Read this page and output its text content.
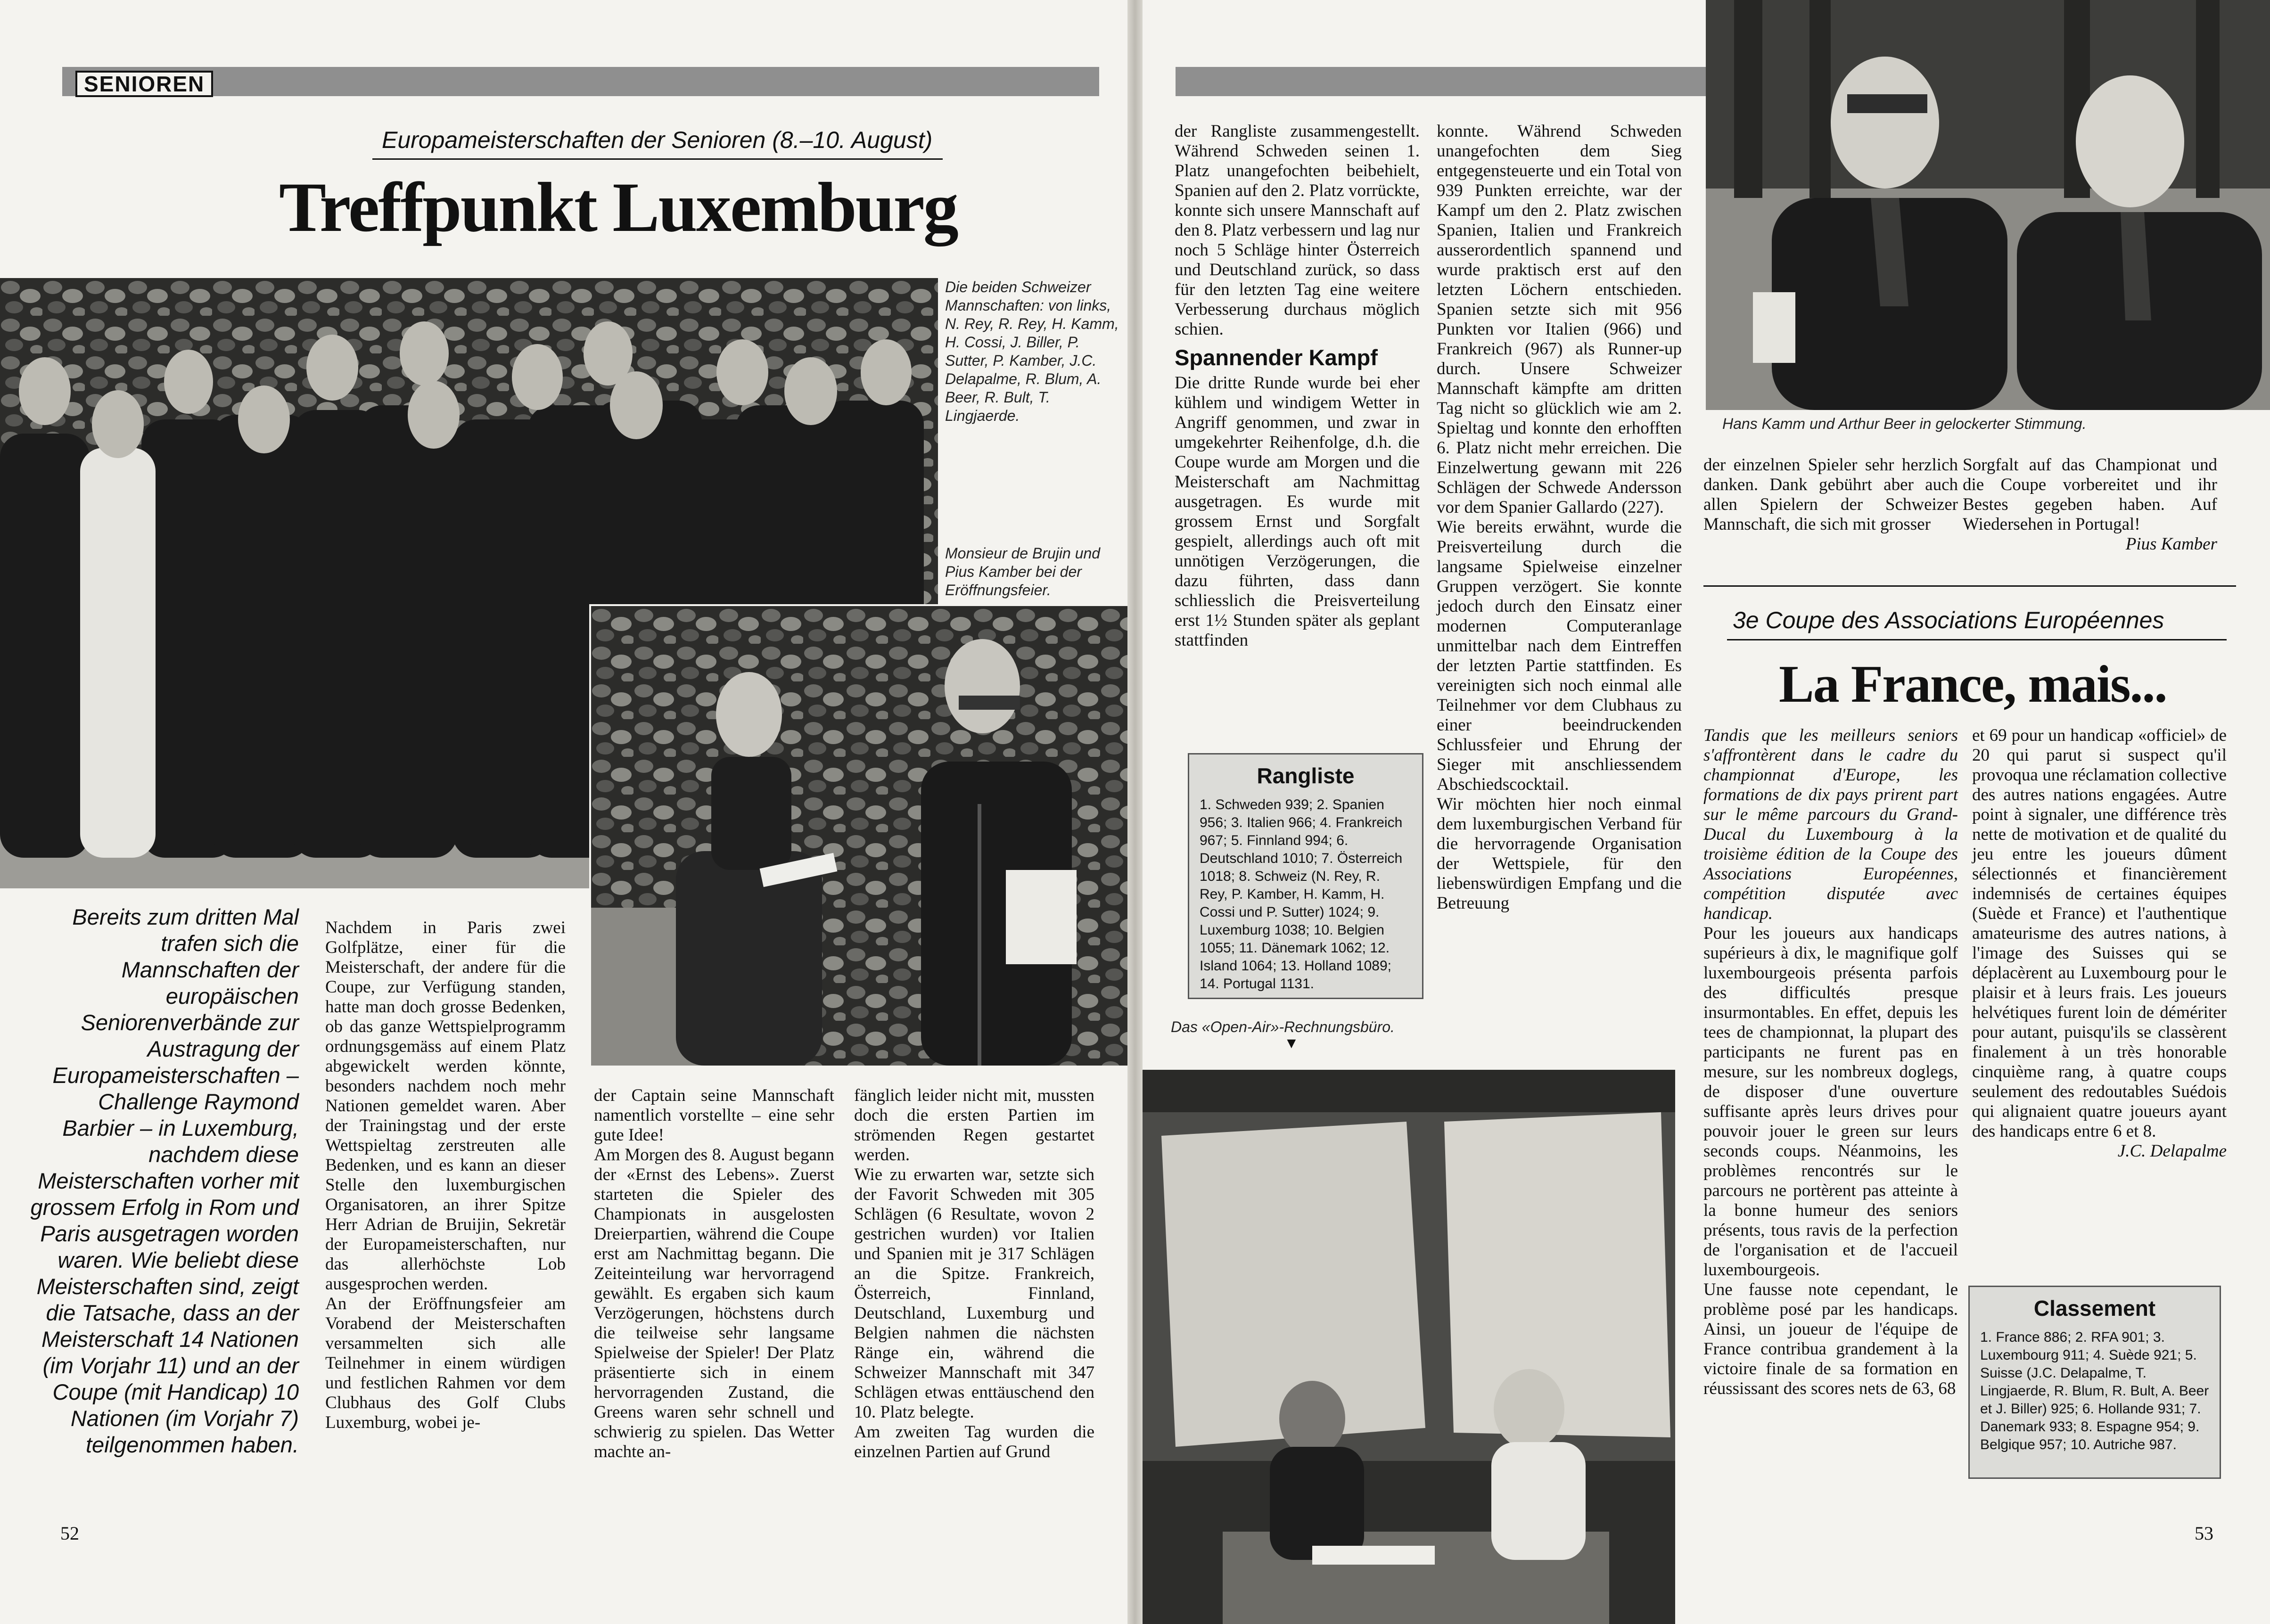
SENIOREN
Europameisterschaften der Senioren (8.–10. August)
Treffpunkt Luxemburg
Die beiden Schweizer Mannschaften: von links, N. Rey, R. Rey, H. Kamm, H. Cossi, J. Biller, P. Sutter, P. Kamber, J.C. Delapalme, R. Blum, A. Beer, R. Bult, T. Lingjaerde.
Monsieur de Brujin und Pius Kamber bei der Eröffnungsfeier.
Bereits zum dritten Mal trafen sich die Mannschaften der europäischen Seniorenverbände zur Austragung der Europameisterschaften – Challenge Raymond Barbier – in Luxemburg, nachdem diese Meisterschaften vorher mit grossem Erfolg in Rom und Paris ausgetragen worden waren. Wie beliebt diese Meisterschaften sind, zeigt die Tatsache, dass an der Meisterschaft 14 Nationen (im Vorjahr 11) und an der Coupe (mit Handicap) 10 Nationen (im Vorjahr 7) teilgenommen haben.

Nachdem in Paris zwei Golfplätze, einer für die Meisterschaft, der andere für die Coupe, zur Verfügung standen, hatte man doch grosse Bedenken, ob das ganze Wettspielprogramm ordnungsgemäss auf einem Platz abgewickelt werden könnte, besonders nachdem noch mehr Nationen gemeldet waren. Aber der Trainingstag und der erste Wettspieltag zerstreuten alle Bedenken, und es kann an dieser Stelle den luxemburgischen Organisatoren, an ihrer Spitze Herr Adrian de Bruijin, Sekretär der Europameisterschaften, nur das allerhöchste Lob ausgesprochen werden.

An der Eröffnungsfeier am Vorabend der Meisterschaften versammelten sich alle Teilnehmer in einem würdigen und festlichen Rahmen vor dem Clubhaus des Golf Clubs Luxemburg, wobei je-

der Captain seine Mannschaft namentlich vorstellte – eine sehr gute Idee!

Am Morgen des 8. August begann der «Ernst des Lebens». Zuerst starteten die Spieler des Championats in ausgelosten Dreierpartien, während die Coupe erst am Nachmittag begann. Die Zeiteinteilung war hervorragend gewählt. Es ergaben sich kaum Verzögerungen, höchstens durch die teilweise sehr langsame Spielweise der Spieler! Der Platz präsentierte sich in einem hervorragenden Zustand, die Greens waren sehr schnell und schwierig zu spielen. Das Wetter machte an-

fänglich leider nicht mit, mussten doch die ersten Partien im strömenden Regen gestartet werden.

Wie zu erwarten war, setzte sich der Favorit Schweden mit 305 Schlägen (6 Resultate, wovon 2 gestrichen wurden) vor Italien und Spanien mit je 317 Schlägen an die Spitze. Frankreich, Österreich, Finnland, Deutschland, Luxemburg und Belgien nahmen die nächsten Ränge ein, während die Schweizer Mannschaft mit 347 Schlägen etwas enttäuschend den 10. Platz belegte.

Am zweiten Tag wurden die einzelnen Partien auf Grund

52

der Rangliste zusammengestellt. Während Schweden seinen 1. Platz unangefochten beibehielt, Spanien auf den 2. Platz vorrückte, konnte sich unsere Mannschaft auf den 8. Platz verbessern und lag nur noch 5 Schläge hinter Österreich und Deutschland zurück, so dass für den letzten Tag eine weitere Verbesserung durchaus möglich schien.

Spannender Kampf

Die dritte Runde wurde bei eher kühlem und windigem Wetter in Angriff genommen, und zwar in umgekehrter Reihenfolge, d.h. die Coupe wurde am Morgen und die Meisterschaft am Nachmittag ausgetragen. Es wurde mit grossem Ernst und Sorgfalt gespielt, allerdings auch oft mit unnötigen Verzögerungen, die dazu führten, dass dann schliesslich die Preisverteilung erst 1½ Stunden später als geplant stattfinden

Rangliste

1. Schweden 939; 2. Spanien 956; 3. Italien 966; 4. Frankreich 967; 5. Finnland 994; 6. Deutschland 1010; 7. Österreich 1018; 8. Schweiz (N. Rey, R. Rey, P. Kamber, H. Kamm, H. Cossi und P. Sutter) 1024; 9. Luxemburg 1038; 10. Belgien 1055; 11. Dänemark 1062; 12. Island 1064; 13. Holland 1089; 14. Portugal 1131.

Das «Open-Air»-Rechnungsbüro.
▼

konnte. Während Schweden unangefochten dem Sieg entgegensteuerte und ein Total von 939 Punkten erreichte, war der Kampf um den 2. Platz zwischen Spanien, Italien und Frankreich ausserordentlich spannend und wurde praktisch erst auf den letzten Löchern entschieden. Spanien setzte sich mit 956 Punkten vor Italien (966) und Frankreich (967) als Runner-up durch. Unsere Schweizer Mannschaft kämpfte am dritten Tag nicht so glücklich wie am 2. Spieltag und konnte den erhofften 6. Platz nicht mehr erreichen. Die Einzelwertung gewann mit 226 Schlägen der Schwede Andersson vor dem Spanier Gallardo (227).

Wie bereits erwähnt, wurde die Preisverteilung durch die langsame Spielweise einzelner Gruppen verzögert. Sie konnte jedoch durch den Einsatz einer modernen Computeranlage unmittelbar nach dem Eintreffen der letzten Partie stattfinden. Es vereinigten sich noch einmal alle Teilnehmer vor dem Clubhaus zu einer beeindruckenden Schlussfeier und Ehrung der Sieger mit anschliessendem Abschiedscocktail.

Wir möchten hier noch einmal dem luxemburgischen Verband für die hervorragende Organisation der Wettspiele, für den liebenswürdigen Empfang und die Betreuung

Hans Kamm und Arthur Beer in gelockerter Stimmung.

der einzelnen Spieler sehr herzlich danken. Dank gebührt aber auch allen Spielern der Schweizer Mannschaft, die sich mit grosser

Sorgfalt auf das Championat und die Coupe vorbereitet und ihr Bestes gegeben haben. Auf Wiedersehen in Portugal!

Pius Kamber

3e Coupe des Associations Européennes
La France, mais...

Tandis que les meilleurs seniors s'affrontèrent dans le cadre du championnat d'Europe, les formations de dix pays prirent part sur le même parcours du Grand-Ducal du Luxembourg à la troisième édition de la Coupe des Associations Européennes, compétition disputée avec handicap.

Pour les joueurs aux handicaps supérieurs à dix, le magnifique golf luxembourgeois présenta parfois des difficultés presque insurmontables. En effet, depuis les tees de championnat, la plupart des participants ne furent pas en mesure, sur les nombreux doglegs, de disposer d'une ouverture suffisante après leurs drives pour pouvoir jouer le green sur leurs seconds coups. Néanmoins, les problèmes rencontrés sur le parcours ne portèrent pas atteinte à la bonne humeur des seniors présents, tous ravis de la perfection de l'organisation et de l'accueil luxembourgeois.

Une fausse note cependant, le problème posé par les handicaps. Ainsi, un joueur de l'équipe de France contribua grandement à la victoire finale de sa formation en réussissant des scores nets de 63, 68

et 69 pour un handicap «officiel» de 20 qui parut si suspect qu'il provoqua une réclamation collective des autres nations engagées. Autre point à signaler, une différence très nette de motivation et de qualité du jeu entre les joueurs dûment sélectionnés et financièrement indemnisés de certaines équipes (Suède et France) et l'authentique amateurisme des autres nations, à l'image des Suisses qui se déplacèrent au Luxembourg pour le plaisir et à leurs frais. Les joueurs helvétiques furent loin de démériter pour autant, puisqu'ils se classèrent finalement à un très honorable cinquième rang, à quatre coups seulement des redoutables Suédois qui alignaient quatre joueurs ayant des handicaps entre 6 et 8.

J.C. Delapalme

Classement

1. France 886; 2. RFA 901; 3. Luxembourg 911; 4. Suède 921; 5. Suisse (J.C. Delapalme, T. Lingjaerde, R. Blum, R. Bult, A. Beer et J. Biller) 925; 6. Hollande 931; 7. Danemark 933; 8. Espagne 954; 9. Belgique 957; 10. Autriche 987.

53
